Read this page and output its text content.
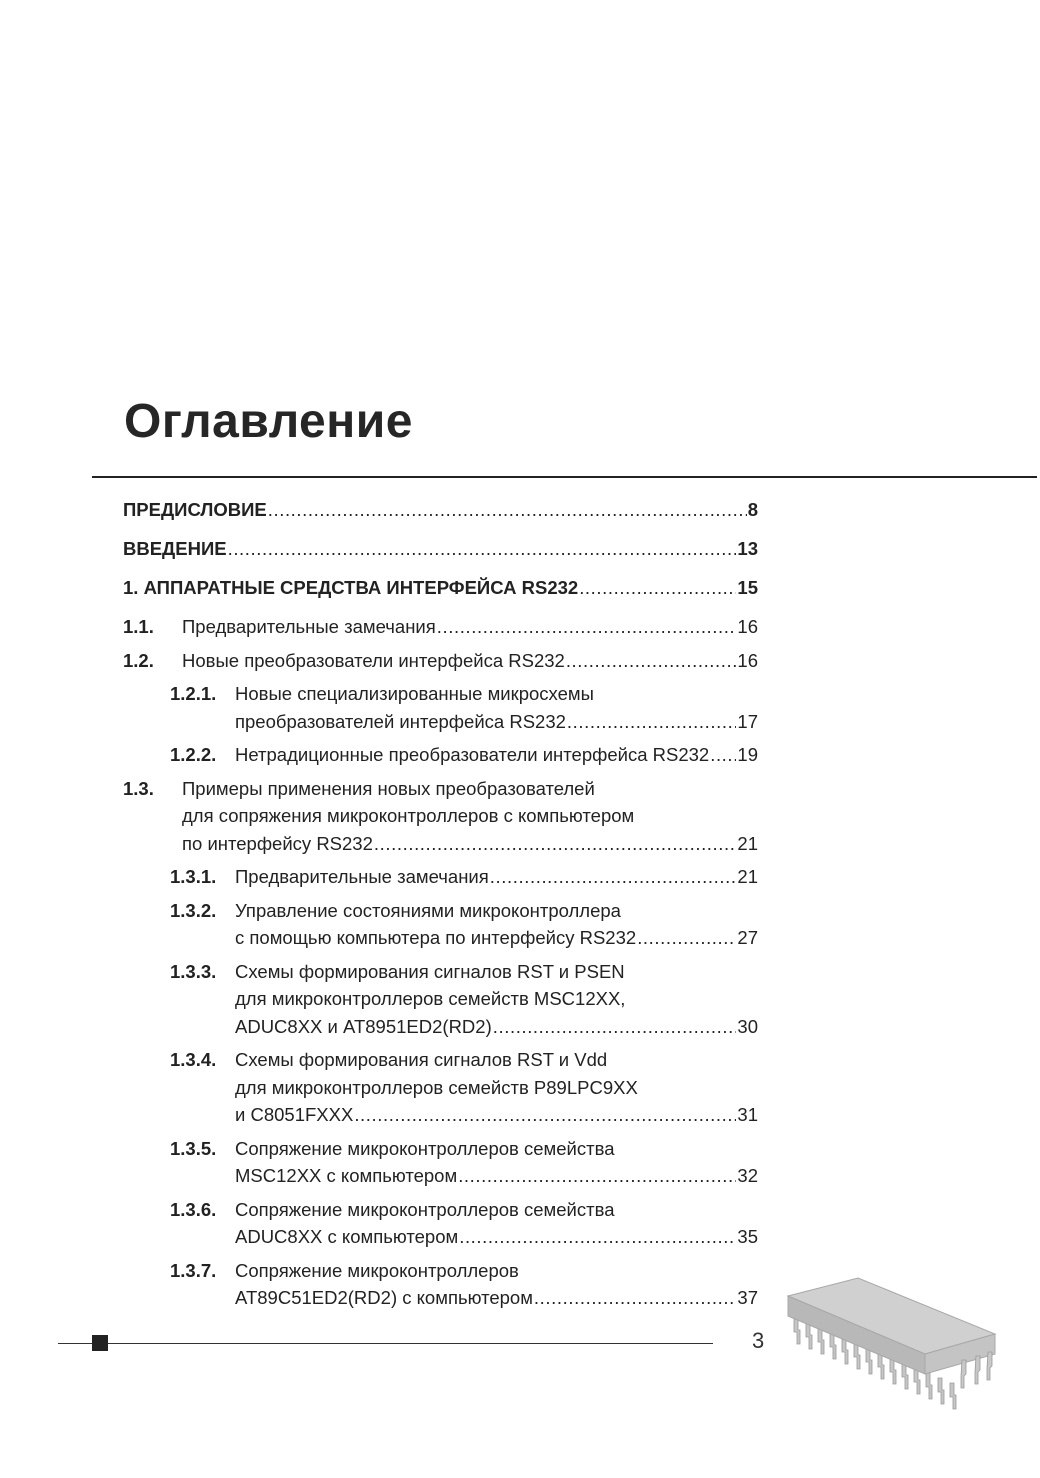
Оглавление
ПРЕДИСЛОВИЕ .....	8
ВВЕДЕНИЕ .....	13
1. АППАРАТНЫЕ СРЕДСТВА ИНТЕРФЕЙСА RS232 .....	15
1.1. Предварительные замечания .....	16
1.2. Новые преобразователи интерфейса RS232 .....	16
1.2.1. Новые специализированные микросхемы
преобразователей интерфейса RS232 .....	17
1.2.2. Нетрадиционные преобразователи интерфейса RS232 ..... 19
1.3. Примеры применения новых преобразователей
для сопряжения микроконтроллеров с компьютером
по интерфейсу RS232 .....	21
1.3.1. Предварительные замечания .....	21
1.3.2. Управление состояниями микроконтроллера
с помощью компьютера по интерфейсу RS232 .....	27
1.3.3. Схемы формирования сигналов RST и PSEN
для микроконтроллеров семейств MSC12XX,
ADUC8XX и AT8951ED2(RD2) .....	30
1.3.4. Схемы формирования сигналов RST и Vdd
для микроконтроллеров семейств P89LPC9XX
и C8051FXXX .....	31
1.3.5. Сопряжение микроконтроллеров семейства
MSC12XX с компьютером .....	32
1.3.6. Сопряжение микроконтроллеров семейства
ADUC8XX с компьютером .....	35
1.3.7. Сопряжение микроконтроллеров
AT89C51ED2(RD2) с компьютером .....	37
3
